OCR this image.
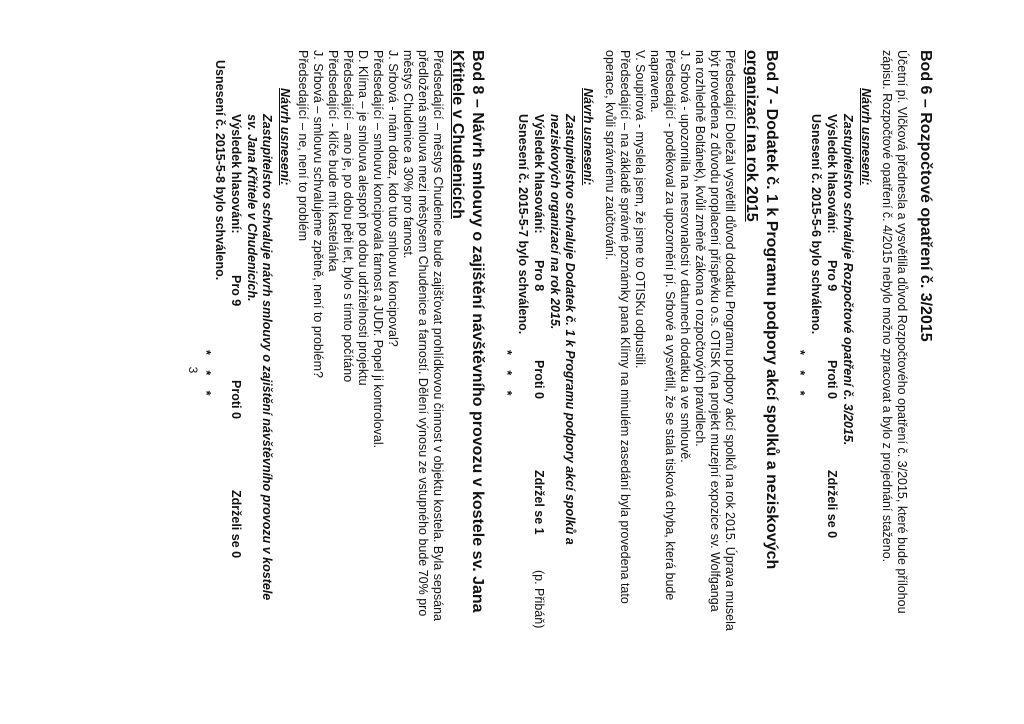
Bod 6 – Rozpočtové opatření č. 3/2015
Účetní pí. Vlčková přednesla a vysvětlila důvod Rozpočtového opatření č. 3/2015, které bude přílohou
zápisu. Rozpočtové opatření č. 4/2015 nebylo možno zpracovat a bylo z projednání staženo.
Návrh usnesení:
Zastupitelstvo schvaluje Rozpočtové opatření č. 3/2015.
Výsledek hlasování:
Pro 9
Proti 0
Zdrželi se 0
Usnesení č. 2015-5-6 bylo schváleno.
* * *
Bod 7 - Dodatek č. 1 k Programu podpory akcí spolků a neziskových
organizací na rok 2015
Předsedající Doležal vysvětlil důvod dodatku Programu podpory akcí spolků na rok 2015. Úprava musela
být provedena z důvodu proplacení příspěvku o.s. OTISK (na projekt muzejní expozice sv. Wolfganga
na rozhledně Boltánek), kvůli změně zákona o rozpočtových pravidlech.
J. Srbová - upozornila na nesrovnalosti v datumech dodatku a ve smlouvě.
Předsedající - poděkoval za upozornění pí. Srbové a vysvětlil, že se stala tisková chyba, která bude
napravena.
V. Soupirová - myslela jsem, že jsme to OTISKu odpustili.
Předsedající – na základě správné poznámky pana Klímy na minulém zasedání byla provedena tato
operace, kvůli správnému zaúčtování.
Návrh usnesení:
Zastupitelstvo schvaluje Dodatek č. 1 k Programu podpory akcí spolků a
neziskových organizací na rok 2015.
Výsledek hlasování:
Pro 8
Proti 0
Zdržel se 1
(p. Přibáň)
Usnesení č. 2015-5-7 bylo schváleno.
* * *
Bod 8 – Návrh smlouvy o zajištění návštěvního provozu v kostele sv. Jana
Křtitele v Chudenicích
Předsedající – městys Chudenice bude zajišťovat prohlídkovou činnost v objektu kostela. Byla sepsána
předložená smlouva mezi městysem Chudenice a farností. Dělení výnosu ze vstupného bude 70% pro
městys Chudenice a 30% pro farnost.
J. Srbová - mám dotaz, kdo tuto smlouvu koncipoval?
Předsedající – smlouvu koncipovala farnost a JUDr. Popel ji kontroloval.
D. Klíma – je smlouva alespoň po dobu udržitelnosti projektu
Předsedající – ano je, po dobu pěti let, bylo s tímto počítáno
Předsedající - klíče bude mít kastelánka
J. Srbová – smlouvu schvalujeme zpětně, není to problém?
Předsedající – ne, není to problém
Návrh usnesení:
Zastupitelstvo schvaluje návrh smlouvy o zajištění návštěvního provozu v kostele
sv. Jana Křtitele v Chudenicích.
Výsledek hlasování:
Pro 9
Proti 0
Zdrželi se 0
Usnesení č. 2015-5-8 bylo schváleno.
* * *
3
